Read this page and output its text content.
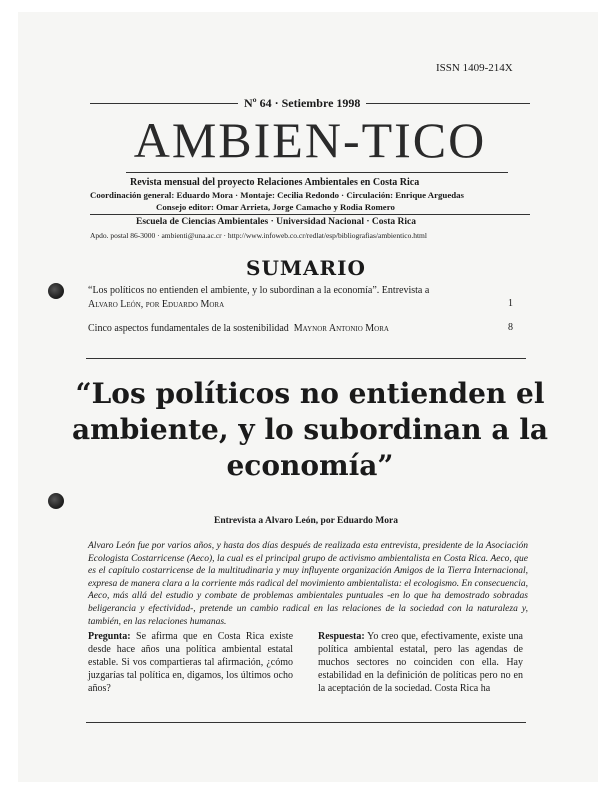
ISSN 1409-214X
Nº 64 · Setiembre 1998
AMBIEN-TICO
Revista mensual del proyecto Relaciones Ambientales en Costa Rica
Coordinación general: Eduardo Mora · Montaje: Cecilia Redondo · Circulación: Enrique Arguedas
Consejo editor: Omar Arrieta, Jorge Camacho y Rodia Romero
Escuela de Ciencias Ambientales · Universidad Nacional · Costa Rica
Apdo. postal 86-3000 · ambienti@una.ac.cr · http://www.infoweb.co.cr/redlat/esp/bibliografias/ambientico.html
SUMARIO
“Los políticos no entienden el ambiente, y lo subordinan a la economía”. Entrevista a
Alvaro León, por Eduardo Mora	1
Cinco aspectos fundamentales de la sostenibilidad Maynor Antonio Mora	8
“Los políticos no entienden el
ambiente, y lo subordinan a la
economía”
Entrevista a Alvaro León, por Eduardo Mora
Alvaro León fue por varios años, y hasta dos días después de realizada esta entrevista, presidente de la Asociación Ecologista Costarricense (Aeco), la cual es el principal grupo de activismo ambientalista en Costa Rica. Aeco, que es el capítulo costarricense de la multitudinaria y muy influyente organización Amigos de la Tierra Internacional, expresa de manera clara a la corriente más radical del movimiento ambientalista: el ecologismo. En consecuencia, Aeco, más allá del estudio y combate de problemas ambientales puntuales -en lo que ha demostrado sobradas beligerancia y efectividad-, pretende un cambio radical en las relaciones de la sociedad con la naturaleza y, también, en las relaciones humanas.
Pregunta: Se afirma que en Costa Rica existe desde hace años una política ambiental estatal estable. Si vos compartieras tal afirmación, ¿cómo juzgarías tal política en, digamos, los últimos ocho años?
Respuesta: Yo creo que, efectivamente, existe una política ambiental estatal, pero las agendas de muchos sectores no coinciden con ella. Hay estabilidad en la definición de políticas pero no en la aceptación de la sociedad. Costa Rica ha
